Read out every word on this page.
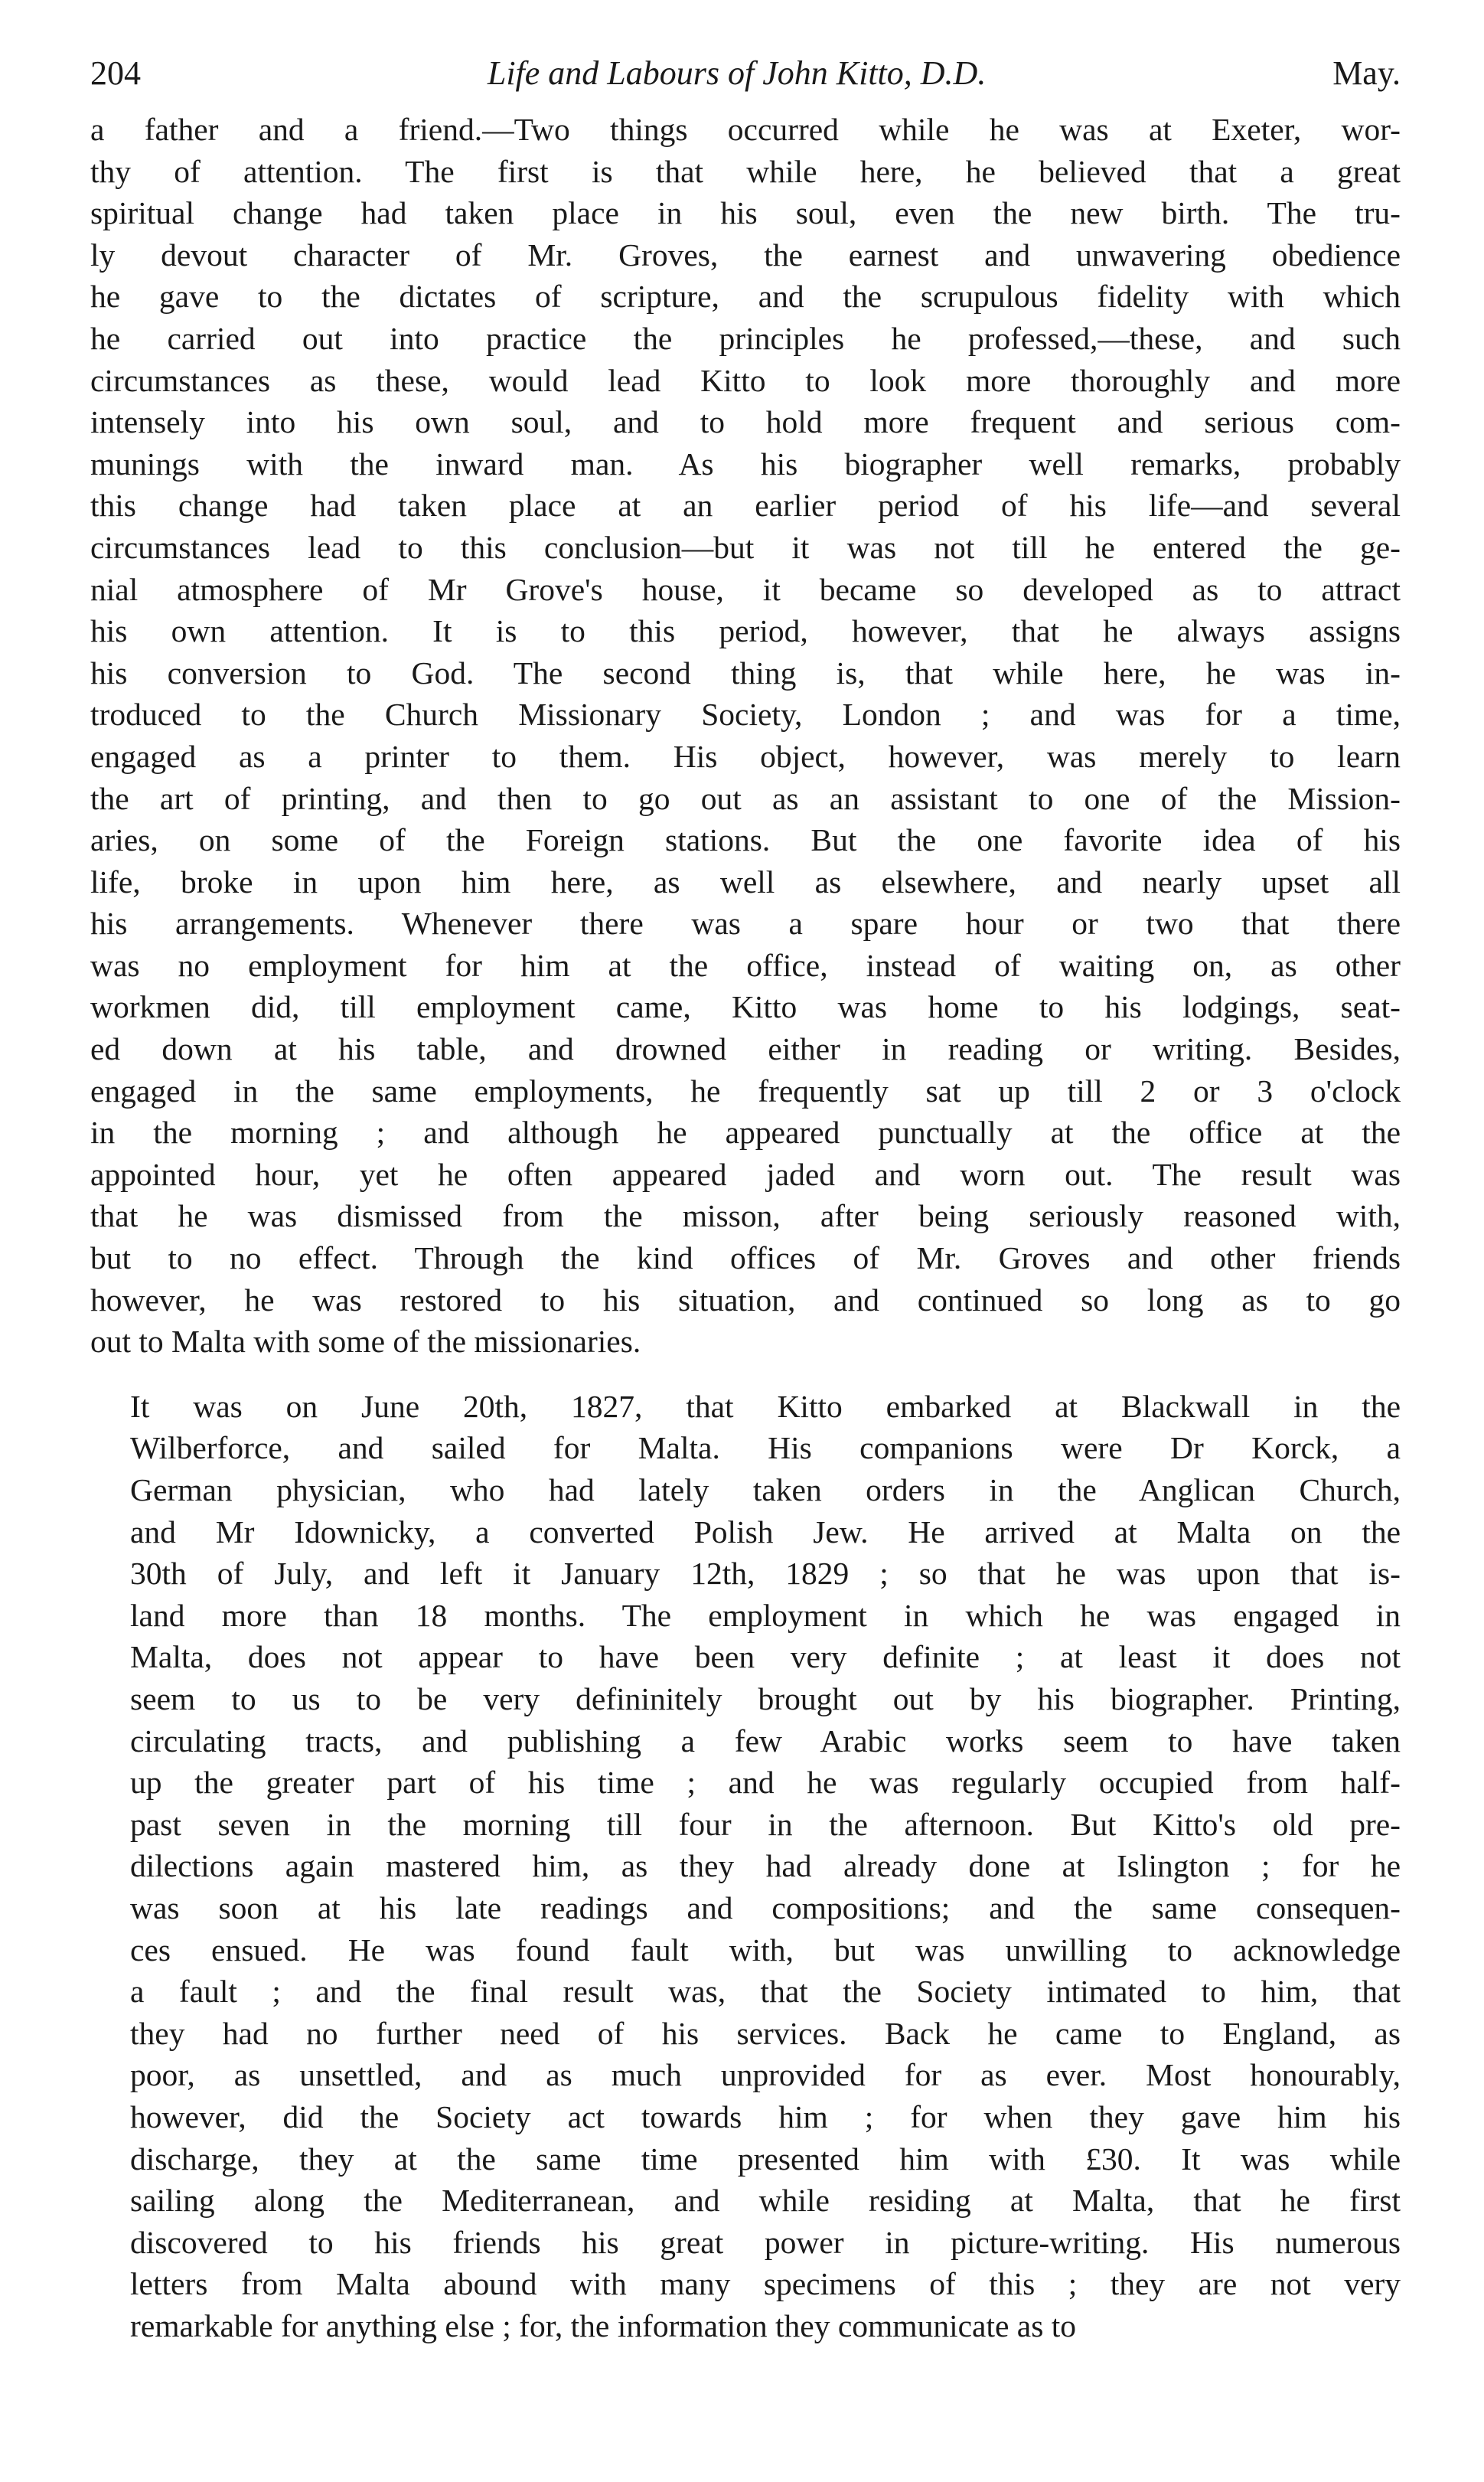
204	Life and Labours of John Kitto, D.D.	May.
a father and a friend.—Two things occurred while he was at Exeter, wor-
thy of attention. The first is that while here, he believed that a great
spiritual change had taken place in his soul, even the new birth. The tru-
ly devout character of Mr. Groves, the earnest and unwavering obedience
he gave to the dictates of scripture, and the scrupulous fidelity with which
he carried out into practice the principles he professed,—these, and such
circumstances as these, would lead Kitto to look more thoroughly and more
intensely into his own soul, and to hold more frequent and serious com-
munings with the inward man. As his biographer well remarks, probably
this change had taken place at an earlier period of his life—and several
circumstances lead to this conclusion—but it was not till he entered the ge-
nial atmosphere of Mr Grove's house, it became so developed as to attract
his own attention. It is to this period, however, that he always assigns
his conversion to God. The second thing is, that while here, he was in-
troduced to the Church Missionary Society, London ; and was for a time,
engaged as a printer to them. His object, however, was merely to learn
the art of printing, and then to go out as an assistant to one of the Mission-
aries, on some of the Foreign stations. But the one favorite idea of his
life, broke in upon him here, as well as elsewhere, and nearly upset all
his arrangements. Whenever there was a spare hour or two that there
was no employment for him at the office, instead of waiting on, as other
workmen did, till employment came, Kitto was home to his lodgings, seat-
ed down at his table, and drowned either in reading or writing. Besides,
engaged in the same employments, he frequently sat up till 2 or 3 o'clock
in the morning ; and although he appeared punctually at the office at the
appointed hour, yet he often appeared jaded and worn out. The result was
that he was dismissed from the misson, after being seriously reasoned with,
but to no effect. Through the kind offices of Mr. Groves and other friends
however, he was restored to his situation, and continued so long as to go
out to Malta with some of the missionaries.
It was on June 20th, 1827, that Kitto embarked at Blackwall in the
Wilberforce, and sailed for Malta. His companions were Dr Korck, a
German physician, who had lately taken orders in the Anglican Church,
and Mr Idownicky, a converted Polish Jew. He arrived at Malta on the
30th of July, and left it January 12th, 1829 ; so that he was upon that is-
land more than 18 months. The employment in which he was engaged in
Malta, does not appear to have been very definite ; at least it does not
seem to us to be very defininitely brought out by his biographer. Printing,
circulating tracts, and publishing a few Arabic works seem to have taken
up the greater part of his time ; and he was regularly occupied from half-
past seven in the morning till four in the afternoon. But Kitto's old pre-
dilections again mastered him, as they had already done at Islington ; for he
was soon at his late readings and compositions; and the same consequen-
ces ensued. He was found fault with, but was unwilling to acknowledge
a fault ; and the final result was, that the Society intimated to him, that
they had no further need of his services. Back he came to England, as
poor, as unsettled, and as much unprovided for as ever. Most honourably,
however, did the Society act towards him ; for when they gave him his
discharge, they at the same time presented him with £30. It was while
sailing along the Mediterranean, and while residing at Malta, that he first
discovered to his friends his great power in picture-writing. His numerous
letters from Malta abound with many specimens of this ; they are not very
remarkable for anything else ; for, the information they communicate as to
